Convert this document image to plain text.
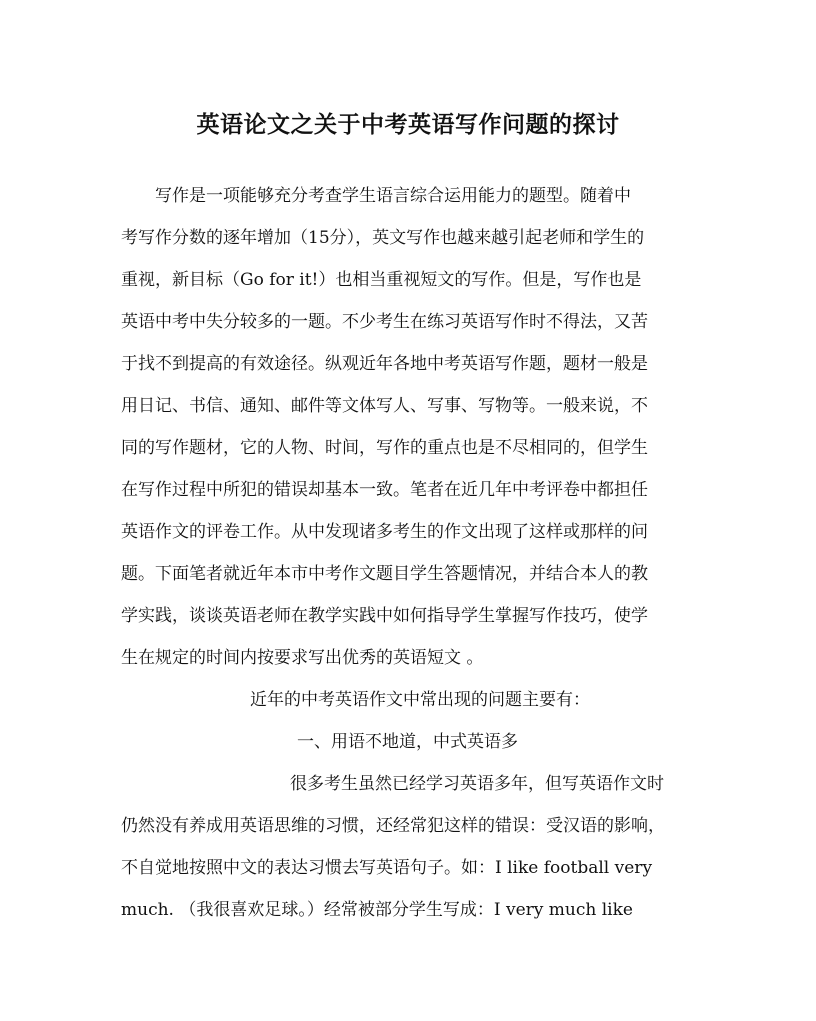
英语论文之关于中考英语写作问题的探讨
　　写作是一项能够充分考查学生语言综合运用能力的题型。随着中
考写作分数的逐年增加（15分），英文写作也越来越引起老师和学生的
重视，新目标（Go for it!）也相当重视短文的写作。但是，写作也是
英语中考中失分较多的一题。不少考生在练习英语写作时不得法，又苦
于找不到提高的有效途径。纵观近年各地中考英语写作题，题材一般是
用日记、书信、通知、邮件等文体写人、写事、写物等。一般来说，不
同的写作题材，它的人物、时间，写作的重点也是不尽相同的，但学生
在写作过程中所犯的错误却基本一致。笔者在近几年中考评卷中都担任
英语作文的评卷工作。从中发现诸多考生的作文出现了这样或那样的问
题。下面笔者就近年本市中考作文题目学生答题情况，并结合本人的教
学实践，谈谈英语老师在教学实践中如何指导学生掌握写作技巧，使学
生在规定的时间内按要求写出优秀的英语短文 。
近年的中考英语作文中常出现的问题主要有：
一、用语不地道，中式英语多
很多考生虽然已经学习英语多年，但写英语作文时
仍然没有养成用英语思维的习惯，还经常犯这样的错误：受汉语的影响，
不自觉地按照中文的表达习惯去写英语句子。如：I like football very
much. （我很喜欢足球。）经常被部分学生写成：I very much like
